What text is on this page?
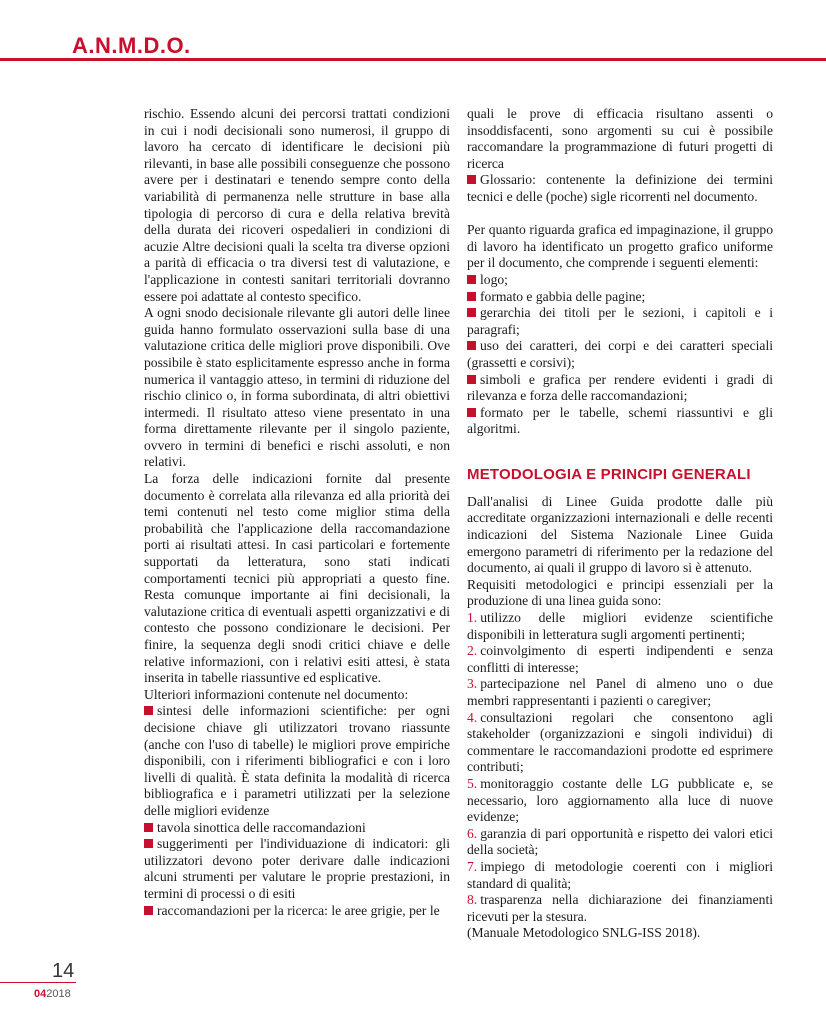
A.N.M.D.O.

rischio. Essendo alcuni dei percorsi trattati condizioni in cui i nodi decisionali sono numerosi, il gruppo di lavoro ha cercato di identificare le decisioni più rilevanti, in base alle possibili conseguenze che possono avere per i destinatari e tenendo sempre conto della variabilità di permanenza nelle strutture in base alla tipologia di percorso di cura e della relativa brevità della durata dei ricoveri ospedalieri in condizioni di acuzie Altre decisioni quali la scelta tra diverse opzioni a parità di efficacia o tra diversi test di valutazione, e l'applicazione in contesti sanitari territoriali dovranno essere poi adattate al contesto specifico.

A ogni snodo decisionale rilevante gli autori delle linee guida hanno formulato osservazioni sulla base di una valutazione critica delle migliori prove disponibili. Ove possibile è stato esplicitamente espresso anche in forma numerica il vantaggio atteso, in termini di riduzione del rischio clinico o, in forma subordinata, di altri obiettivi intermedi. Il risultato atteso viene presentato in una forma direttamente rilevante per il singolo paziente, ovvero in termini di benefici e rischi assoluti, e non relativi.

La forza delle indicazioni fornite dal presente documento è correlata alla rilevanza ed alla priorità dei temi contenuti nel testo come miglior stima della probabilità che l'applicazione della raccomandazione porti ai risultati attesi. In casi particolari e fortemente supportati da letteratura, sono stati indicati comportamenti tecnici più appropriati a questo fine. Resta comunque importante ai fini decisionali, la valutazione critica di eventuali aspetti organizzativi e di contesto che possono condizionare le decisioni. Per finire, la sequenza degli snodi critici chiave e delle relative informazioni, con i relativi esiti attesi, è stata inserita in tabelle riassuntive ed esplicative.

Ulteriori informazioni contenute nel documento:

sintesi delle informazioni scientifiche: per ogni decisione chiave gli utilizzatori trovano riassunte (anche con l'uso di tabelle) le migliori prove empiriche disponibili, con i riferimenti bibliografici e con i loro livelli di qualità. È stata definita la modalità di ricerca bibliografica e i parametri utilizzati per la selezione delle migliori evidenze

tavola sinottica delle raccomandazioni

suggerimenti per l'individuazione di indicatori: gli utilizzatori devono poter derivare dalle indicazioni alcuni strumenti per valutare le proprie prestazioni, in termini di processi o di esiti

raccomandazioni per la ricerca: le aree grigie, per le

quali le prove di efficacia risultano assenti o insoddisfacenti, sono argomenti su cui è possibile raccomandare la programmazione di futuri progetti di ricerca

Glossario: contenente la definizione dei termini tecnici e delle (poche) sigle ricorrenti nel documento.

Per quanto riguarda grafica ed impaginazione, il gruppo di lavoro ha identificato un progetto grafico uniforme per il documento, che comprende i seguenti elementi:

logo;

formato e gabbia delle pagine;

gerarchia dei titoli per le sezioni, i capitoli e i paragrafi;

uso dei caratteri, dei corpi e dei caratteri speciali (grassetti e corsivi);

simboli e grafica per rendere evidenti i gradi di rilevanza e forza delle raccomandazioni;

formato per le tabelle, schemi riassuntivi e gli algoritmi.

METODOLOGIA E PRINCIPI GENERALI

Dall'analisi di Linee Guida prodotte dalle più accreditate organizzazioni internazionali e delle recenti indicazioni del Sistema Nazionale Linee Guida emergono parametri di riferimento per la redazione del documento, ai quali il gruppo di lavoro si è attenuto.

Requisiti metodologici e principi essenziali per la produzione di una linea guida sono:

1. utilizzo delle migliori evidenze scientifiche disponibili in letteratura sugli argomenti pertinenti;

2. coinvolgimento di esperti indipendenti e senza conflitti di interesse;

3. partecipazione nel Panel di almeno uno o due membri rappresentanti i pazienti o caregiver;

4. consultazioni regolari che consentono agli stakeholder (organizzazioni e singoli individui) di commentare le raccomandazioni prodotte ed esprimere contributi;

5. monitoraggio costante delle LG pubblicate e, se necessario, loro aggiornamento alla luce di nuove evidenze;

6. garanzia di pari opportunità e rispetto dei valori etici della società;

7. impiego di metodologie coerenti con i migliori standard di qualità;

8. trasparenza nella dichiarazione dei finanziamenti ricevuti per la stesura.

(Manuale Metodologico SNLG-ISS 2018).

14
042018
